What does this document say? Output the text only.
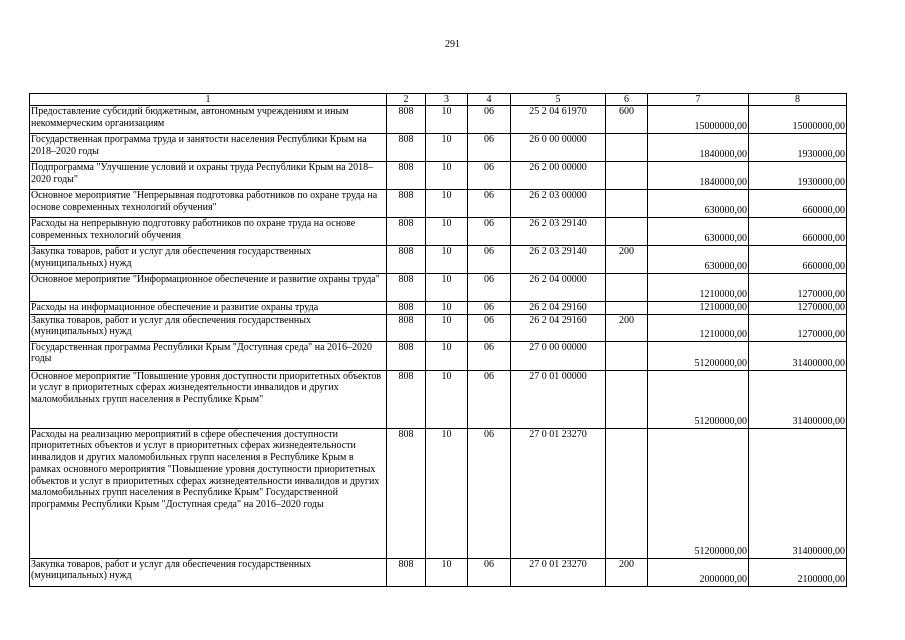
291
1	2	3	4	5	6	7	8
Предоставление субсидий бюджетным, автономным учреждениям и иным некоммерческим организациям	808	10	06	25 2 04 61970	600	15000000,00	15000000,00
Государственная программа труда и занятости населения Республики Крым на 2018–2020 годы	808	10	06	26 0 00 00000		1840000,00	1930000,00
Подпрограмма "Улучшение условий и охраны труда Республики Крым на 2018–2020 годы"	808	10	06	26 2 00 00000		1840000,00	1930000,00
Основное мероприятие "Непрерывная подготовка работников по охране труда на основе современных технологий обучения"	808	10	06	26 2 03 00000		630000,00	660000,00
Расходы на непрерывную подготовку работников по охране труда на основе современных технологий обучения	808	10	06	26 2 03 29140		630000,00	660000,00
Закупка товаров, работ и услуг для обеспечения государственных (муниципальных) нужд	808	10	06	26 2 03 29140	200	630000,00	660000,00
Основное мероприятие "Информационное обеспечение и развитие охраны труда"	808	10	06	26 2 04 00000		1210000,00	1270000,00
Расходы на информационное обеспечение и развитие охраны труда	808	10	06	26 2 04 29160		1210000,00	1270000,00
Закупка товаров, работ и услуг для обеспечения государственных (муниципальных) нужд	808	10	06	26 2 04 29160	200	1210000,00	1270000,00
Государственная программа Республики Крым "Доступная среда" на 2016–2020 годы	808	10	06	27 0 00 00000		51200000,00	31400000,00
Основное мероприятие "Повышение уровня доступности приоритетных объектов и услуг в приоритетных сферах жизнедеятельности инвалидов и других маломобильных групп населения в Республике Крым"	808	10	06	27 0 01 00000		51200000,00	31400000,00
Расходы на реализацию мероприятий в сфере обеспечения доступности приоритетных объектов и услуг в приоритетных сферах жизнедеятельности инвалидов и других маломобильных групп населения в Республике Крым в рамках основного мероприятия "Повышение уровня доступности приоритетных объектов и услуг в приоритетных сферах жизнедеятельности инвалидов и других маломобильных групп населения в Республике Крым" Государственной программы Республики Крым "Доступная среда" на 2016–2020 годы	808	10	06	27 0 01 23270		51200000,00	31400000,00
Закупка товаров, работ и услуг для обеспечения государственных (муниципальных) нужд	808	10	06	27 0 01 23270	200	2000000,00	2100000,00
